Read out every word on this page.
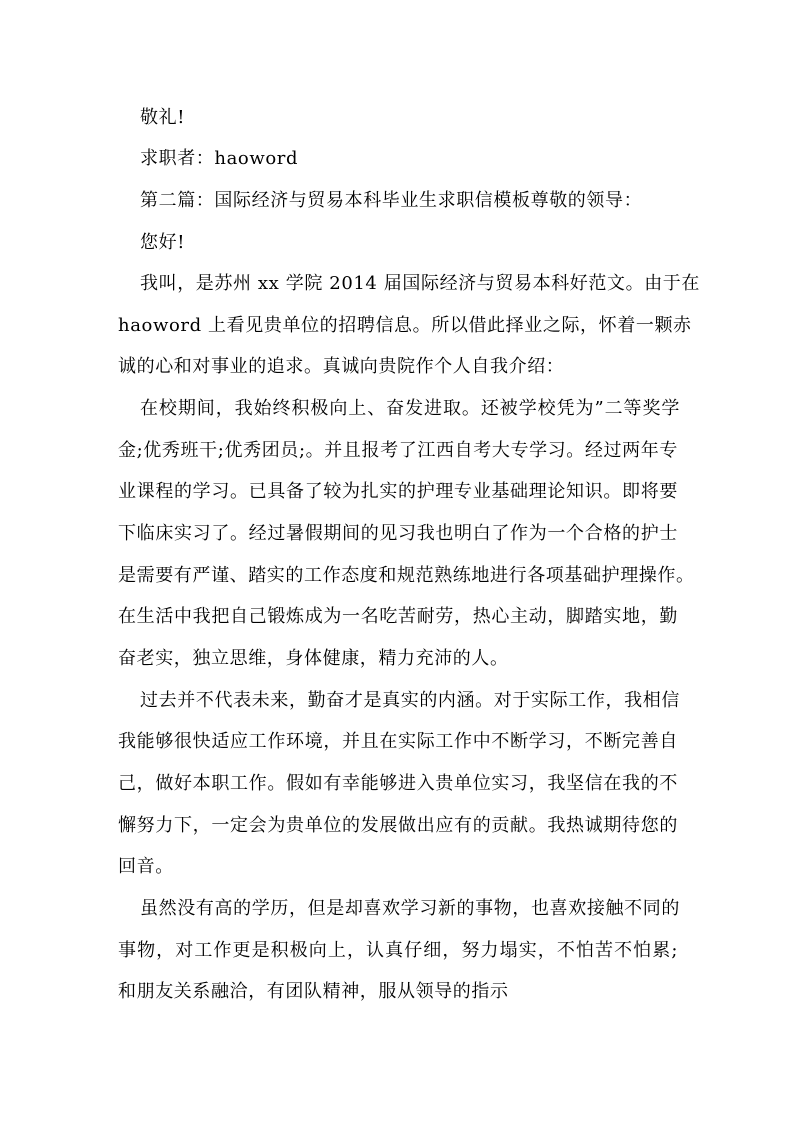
敬礼!
求职者：haoword
第二篇：国际经济与贸易本科毕业生求职信模板尊敬的领导：
您好!
我叫，是苏州 xx 学院 2014 届国际经济与贸易本科好范文。由于在
haoword 上看见贵单位的招聘信息。所以借此择业之际，怀着一颗赤
诚的心和对事业的追求。真诚向贵院作个人自我介绍：
在校期间，我始终积极向上、奋发进取。还被学校凭为”二等奖学
金;优秀班干;优秀团员;。并且报考了江西自考大专学习。经过两年专
业课程的学习。已具备了较为扎实的护理专业基础理论知识。即将要
下临床实习了。经过暑假期间的见习我也明白了作为一个合格的护士
是需要有严谨、踏实的工作态度和规范熟练地进行各项基础护理操作。
在生活中我把自己锻炼成为一名吃苦耐劳，热心主动，脚踏实地，勤
奋老实，独立思维，身体健康，精力充沛的人。
过去并不代表未来，勤奋才是真实的内涵。对于实际工作，我相信
我能够很快适应工作环境，并且在实际工作中不断学习，不断完善自
己，做好本职工作。假如有幸能够进入贵单位实习，我坚信在我的不
懈努力下，一定会为贵单位的发展做出应有的贡献。我热诚期待您的
回音。
虽然没有高的学历，但是却喜欢学习新的事物，也喜欢接触不同的
事物，对工作更是积极向上，认真仔细，努力塌实，不怕苦不怕累;
和朋友关系融洽，有团队精神，服从领导的指示
